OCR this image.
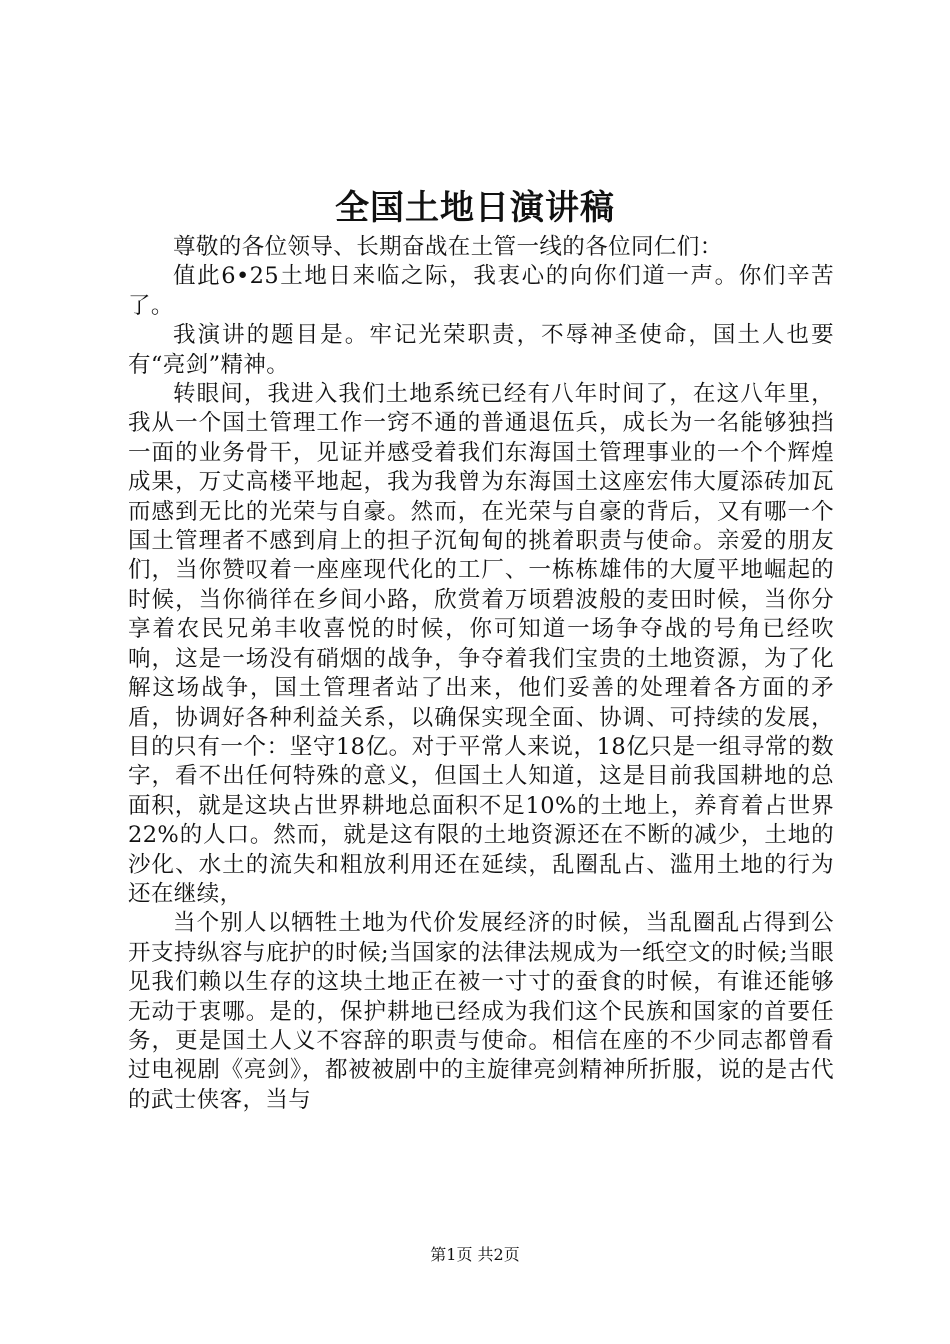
全国土地日演讲稿

尊敬的各位领导、长期奋战在土管一线的各位同仁们：

值此6•25土地日来临之际，我衷心的向你们道一声。你们辛苦了。

我演讲的题目是。牢记光荣职责，不辱神圣使命，国土人也要有“亮剑”精神。

转眼间，我进入我们土地系统已经有八年时间了，在这八年里，我从一个国土管理工作一窍不通的普通退伍兵，成长为一名能够独挡一面的业务骨干，见证并感受着我们东海国土管理事业的一个个辉煌成果，万丈高楼平地起，我为我曾为东海国土这座宏伟大厦添砖加瓦而感到无比的光荣与自豪。然而，在光荣与自豪的背后，又有哪一个国土管理者不感到肩上的担子沉甸甸的挑着职责与使命。亲爱的朋友们，当你赞叹着一座座现代化的工厂、一栋栋雄伟的大厦平地崛起的时候，当你徜徉在乡间小路，欣赏着万顷碧波般的麦田时候，当你分享着农民兄弟丰收喜悦的时候，你可知道一场争夺战的号角已经吹响，这是一场没有硝烟的战争，争夺着我们宝贵的土地资源，为了化解这场战争，国土管理者站了出来，他们妥善的处理着各方面的矛盾，协调好各种利益关系，以确保实现全面、协调、可持续的发展，目的只有一个：坚守18亿。对于平常人来说，18亿只是一组寻常的数字，看不出任何特殊的意义，但国土人知道，这是目前我国耕地的总面积，就是这块占世界耕地总面积不足10%的土地上，养育着占世界22%的人口。然而，就是这有限的土地资源还在不断的减少，土地的沙化、水土的流失和粗放利用还在延续，乱圈乱占、滥用土地的行为还在继续，

当个别人以牺牲土地为代价发展经济的时候，当乱圈乱占得到公开支持纵容与庇护的时候;当国家的法律法规成为一纸空文的时候;当眼见我们赖以生存的这块土地正在被一寸寸的蚕食的时候，有谁还能够无动于衷哪。是的，保护耕地已经成为我们这个民族和国家的首要任务，更是国土人义不容辞的职责与使命。相信在座的不少同志都曾看过电视剧《亮剑》，都被被剧中的主旋律亮剑精神所折服，说的是古代的武士侠客，当与

第1页 共2页
